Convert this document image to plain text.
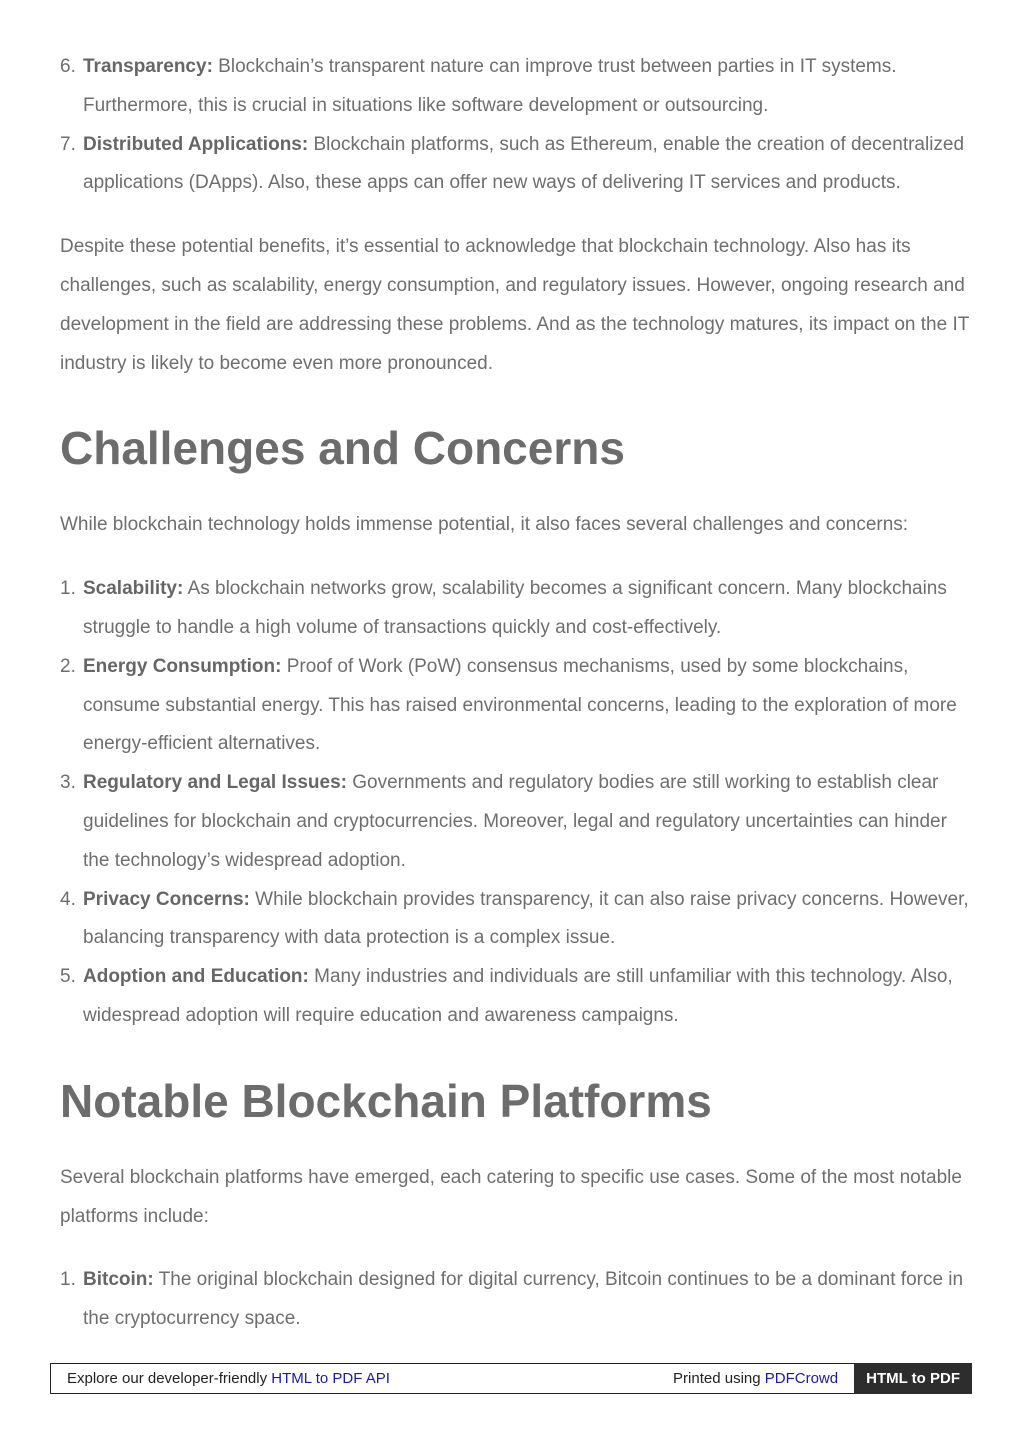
6. Transparency: Blockchain’s transparent nature can improve trust between parties in IT systems. Furthermore, this is crucial in situations like software development or outsourcing.
7. Distributed Applications: Blockchain platforms, such as Ethereum, enable the creation of decentralized applications (DApps). Also, these apps can offer new ways of delivering IT services and products.

Despite these potential benefits, it’s essential to acknowledge that blockchain technology. Also has its challenges, such as scalability, energy consumption, and regulatory issues. However, ongoing research and development in the field are addressing these problems. And as the technology matures, its impact on the IT industry is likely to become even more pronounced.

Challenges and Concerns

While blockchain technology holds immense potential, it also faces several challenges and concerns:

1. Scalability: As blockchain networks grow, scalability becomes a significant concern. Many blockchains struggle to handle a high volume of transactions quickly and cost-effectively.
2. Energy Consumption: Proof of Work (PoW) consensus mechanisms, used by some blockchains, consume substantial energy. This has raised environmental concerns, leading to the exploration of more energy-efficient alternatives.
3. Regulatory and Legal Issues: Governments and regulatory bodies are still working to establish clear guidelines for blockchain and cryptocurrencies. Moreover, legal and regulatory uncertainties can hinder the technology’s widespread adoption.
4. Privacy Concerns: While blockchain provides transparency, it can also raise privacy concerns. However, balancing transparency with data protection is a complex issue.
5. Adoption and Education: Many industries and individuals are still unfamiliar with this technology. Also, widespread adoption will require education and awareness campaigns.
Notable Blockchain Platforms

Several blockchain platforms have emerged, each catering to specific use cases. Some of the most notable platforms include:

1. Bitcoin: The original blockchain designed for digital currency, Bitcoin continues to be a dominant force in the cryptocurrency space.
Explore our developer-friendly HTML to PDF API	Printed using PDFCrowd	HTML to PDF
